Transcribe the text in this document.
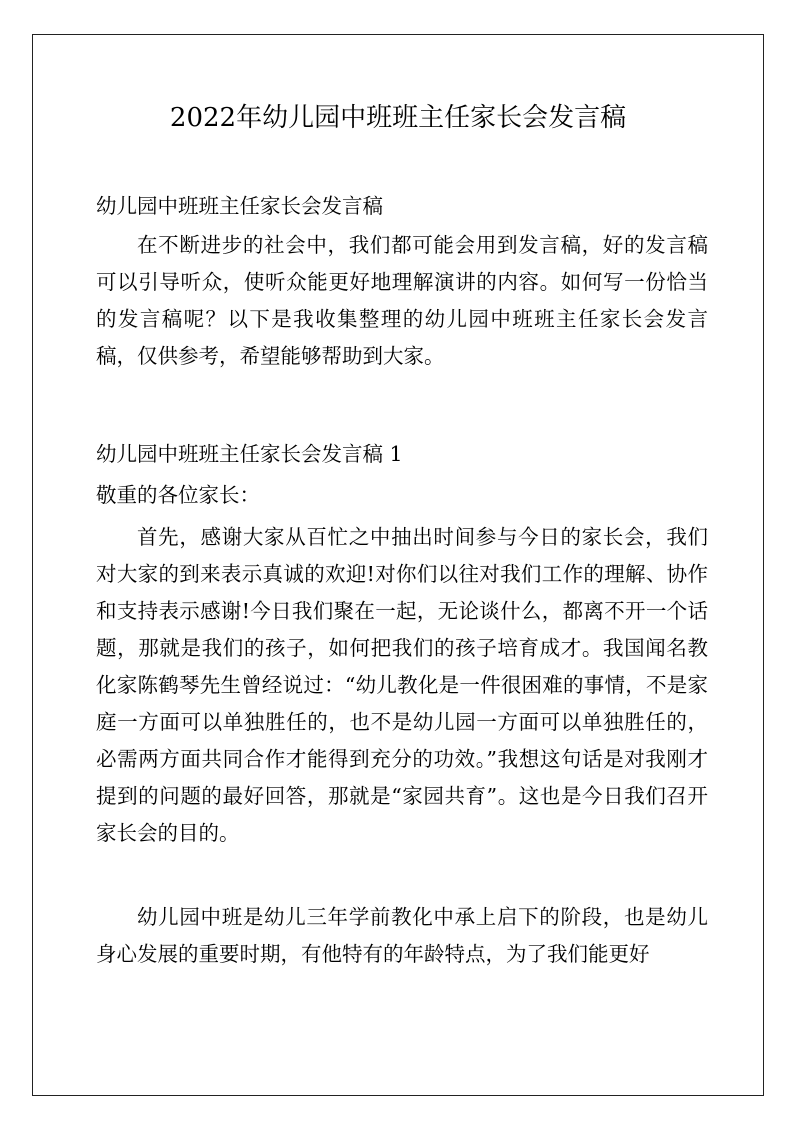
2022年幼儿园中班班主任家长会发言稿
幼儿园中班班主任家长会发言稿
在不断进步的社会中，我们都可能会用到发言稿，好的发言稿可以引导听众，使听众能更好地理解演讲的内容。如何写一份恰当的发言稿呢？以下是我收集整理的幼儿园中班班主任家长会发言稿，仅供参考，希望能够帮助到大家。
幼儿园中班班主任家长会发言稿 1
敬重的各位家长：
首先，感谢大家从百忙之中抽出时间参与今日的家长会，我们对大家的到来表示真诚的欢迎!对你们以往对我们工作的理解、协作和支持表示感谢!今日我们聚在一起，无论谈什么，都离不开一个话题，那就是我们的孩子，如何把我们的孩子培育成才。我国闻名教化家陈鹤琴先生曾经说过：“幼儿教化是一件很困难的事情，不是家庭一方面可以单独胜任的，也不是幼儿园一方面可以单独胜任的，必需两方面共同合作才能得到充分的功效。”我想这句话是对我刚才提到的问题的最好回答，那就是“家园共育”。这也是今日我们召开家长会的目的。
幼儿园中班是幼儿三年学前教化中承上启下的阶段，也是幼儿身心发展的重要时期，有他特有的年龄特点，为了我们能更好
